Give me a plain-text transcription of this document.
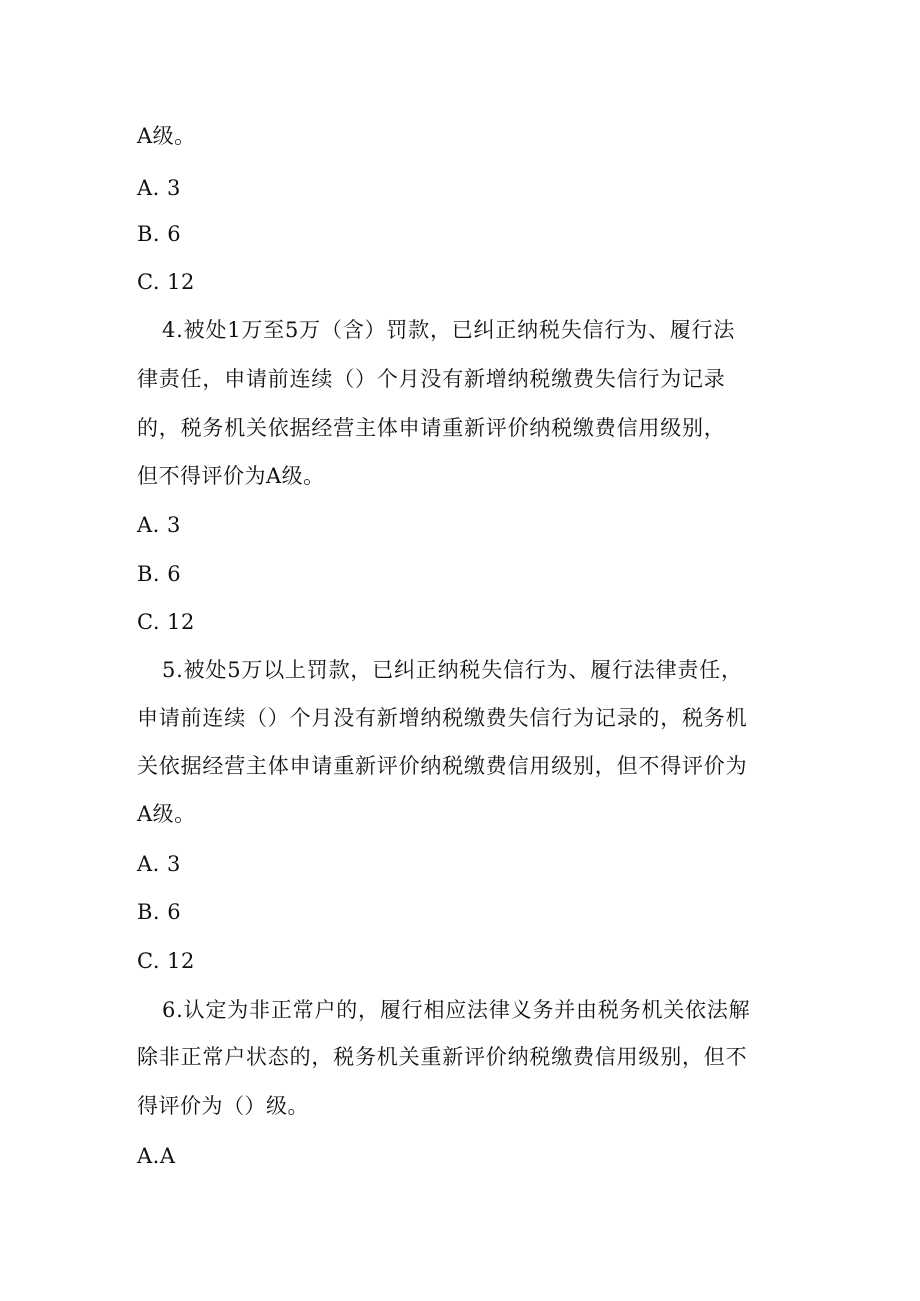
A级。
A. 3
B. 6
C. 12
4.被处1万至5万（含）罚款，已纠正纳税失信行为、履行法
律责任，申请前连续（）个月没有新增纳税缴费失信行为记录
的，税务机关依据经营主体申请重新评价纳税缴费信用级别，
但不得评价为A级。
A. 3
B. 6
C. 12
5.被处5万以上罚款，已纠正纳税失信行为、履行法律责任，
申请前连续（）个月没有新增纳税缴费失信行为记录的，税务机
关依据经营主体申请重新评价纳税缴费信用级别，但不得评价为
A级。
A. 3
B. 6
C. 12
6.认定为非正常户的，履行相应法律义务并由税务机关依法解
除非正常户状态的，税务机关重新评价纳税缴费信用级别，但不
得评价为（）级。
A.A
